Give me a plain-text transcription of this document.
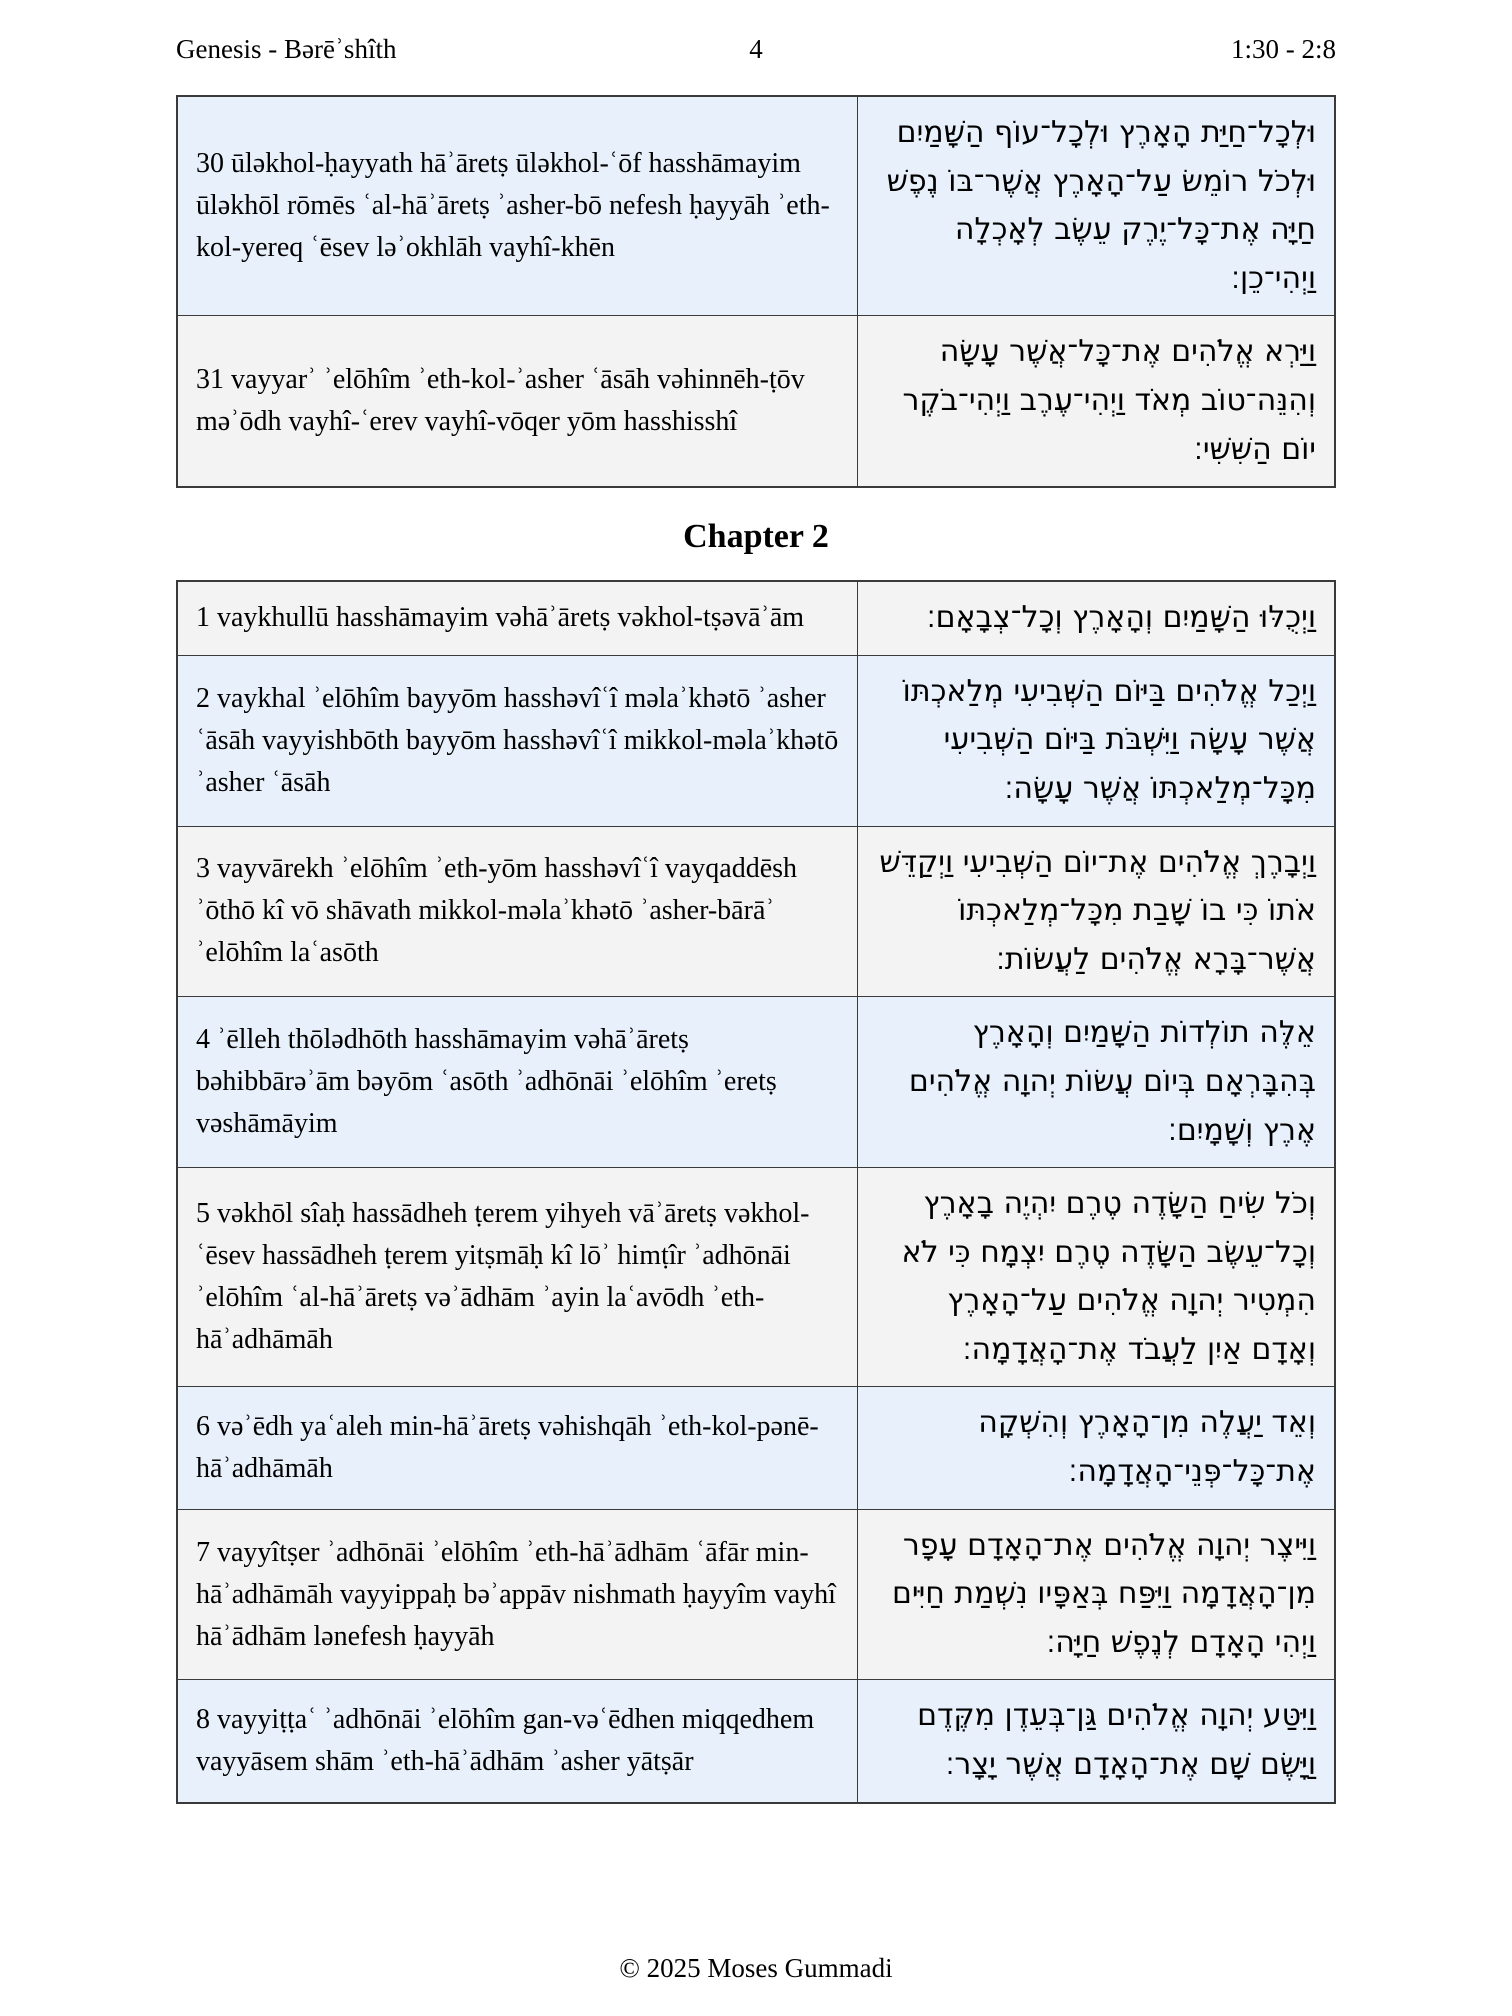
Genesis - Bərēʾshîth	4	1:30 - 2:8
30 ūləkhol-ḥayyath hāʾāretṣ ūləkhol-ʿōf hasshāmayim ūləkhōl rōmēs ʿal-hāʾāretṣ ʾasher-bō nefesh ḥayyāh ʾeth-kol-yereq ʿēsev ləʾokhlāh vayhî-khēn	וּלְכָל־חַיַּת הָאָרֶץ וּלְכָל־עוֹף הַשָּׁמַיִם וּלְכֹל רוֹמֵשׂ עַל־הָאָרֶץ אֲשֶׁר־בּוֹ נֶפֶשׁ חַיָּה אֶת־כָּל־יֶרֶק עֵשֶׂב לְאָכְלָה וַיְהִי־כֵן׃
31 vayyarʾ ʾelōhîm ʾeth-kol-ʾasher ʿāsāh vəhinnēh-ṭōv məʾōdh vayhî-ʿerev vayhî-vōqer yōm hasshisshî	וַיַּרְא אֱלֹהִים אֶת־כָּל־אֲשֶׁר עָשָׂה וְהִנֵּה־טוֹב מְאֹד וַיְהִי־עֶרֶב וַיְהִי־בֹקֶר יוֹם הַשִּׁשִּׁי׃
Chapter 2
1 vaykhullū hasshāmayim vəhāʾāretṣ vəkhol-tṣəvāʾām	וַיְכֻלּוּ הַשָּׁמַיִם וְהָאָרֶץ וְכָל־צְבָאָם׃
2 vaykhal ʾelōhîm bayyōm hasshəvîʿî məlaʾkhətō ʾasher ʿāsāh vayyishbōth bayyōm hasshəvîʿî mikkol-məlaʾkhətō ʾasher ʿāsāh	וַיְכַל אֱלֹהִים בַּיּוֹם הַשְּׁבִיעִי מְלַאכְתּוֹ אֲשֶׁר עָשָׂה וַיִּשְׁבֹּת בַּיּוֹם הַשְּׁבִיעִי מִכָּל־מְלַאכְתּוֹ אֲשֶׁר עָשָׂה׃
3 vayvārekh ʾelōhîm ʾeth-yōm hasshəvîʿî vayqaddēsh ʾōthō kî vō shāvath mikkol-məlaʾkhətō ʾasher-bārāʾ ʾelōhîm laʿasōth	וַיְבָרֶךְ אֱלֹהִים אֶת־יוֹם הַשְּׁבִיעִי וַיְקַדֵּשׁ אֹתוֹ כִּי בוֹ שָׁבַת מִכָּל־מְלַאכְתּוֹ אֲשֶׁר־בָּרָא אֱלֹהִים לַעֲשׂוֹת׃
4 ʾēlleh thōlədhōth hasshāmayim vəhāʾāretṣ bəhibbārəʾām bəyōm ʿasōth ʾadhōnāi ʾelōhîm ʾeretṣ vəshāmāyim	אֵלֶּה תוֹלְדוֹת הַשָּׁמַיִם וְהָאָרֶץ בְּהִבָּרְאָם בְּיוֹם עֲשׂוֹת יְהוָה אֱלֹהִים אֶרֶץ וְשָׁמָיִם׃
5 vəkhōl sîaḥ hassādheh ṭerem yihyeh vāʾāretṣ vəkhol-ʿēsev hassādheh ṭerem yitṣmāḥ kî lōʾ himṭîr ʾadhōnāi ʾelōhîm ʿal-hāʾāretṣ vəʾādhām ʾayin laʿavōdh ʾeth-hāʾadhāmāh	וְכֹל שִׂיחַ הַשָּׂדֶה טֶרֶם יִהְיֶה בָאָרֶץ וְכָל־עֵשֶׂב הַשָּׂדֶה טֶרֶם יִצְמָח כִּי לֹא הִמְטִיר יְהוָה אֱלֹהִים עַל־הָאָרֶץ וְאָדָם אַיִן לַעֲבֹד אֶת־הָאֲדָמָה׃
6 vəʾēdh yaʿaleh min-hāʾāretṣ vəhishqāh ʾeth-kol-pənē-hāʾadhāmāh	וְאֵד יַעֲלֶה מִן־הָאָרֶץ וְהִשְׁקָה אֶת־כָּל־פְּנֵי־הָאֲדָמָה׃
7 vayyîtṣer ʾadhōnāi ʾelōhîm ʾeth-hāʾādhām ʿāfār min-hāʾadhāmāh vayyippaḥ bəʾappāv nishmath ḥayyîm vayhî hāʾādhām lənefesh ḥayyāh	וַיִּיצֶר יְהוָה אֱלֹהִים אֶת־הָאָדָם עָפָר מִן־הָאֲדָמָה וַיִּפַּח בְּאַפָּיו נִשְׁמַת חַיִּים וַיְהִי הָאָדָם לְנֶפֶשׁ חַיָּה׃
8 vayyiṭṭaʿ ʾadhōnāi ʾelōhîm gan-vəʿēdhen miqqedhem vayyāsem shām ʾeth-hāʾādhām ʾasher yātṣār	וַיִּטַּע יְהוָה אֱלֹהִים גַּן־בְּעֵדֶן מִקֶּדֶם וַיָּשֶׂם שָׁם אֶת־הָאָדָם אֲשֶׁר יָצָר׃
© 2025 Moses Gummadi
